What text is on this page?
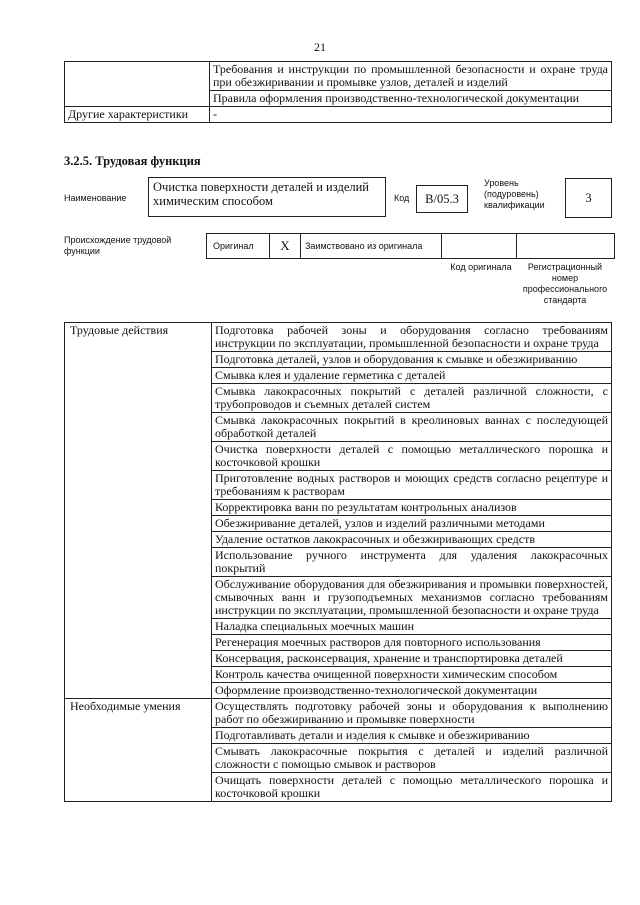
21
	Требования и инструкции по промышленной безопасности и охране труда при обезжиривании и промывке узлов, деталей и изделий
	Правила оформления производственно-технологической документации
Другие характеристики	-
3.2.5. Трудовая функция
Наименование
Очистка поверхности деталей и изделий химическим способом	Код	B/05.3
Уровень (подуровень) квалификации	3
Происхождение трудовой функции	Оригинал	X	Заимствовано из оригинала
Код оригинала	Регистрационный номер профессионального стандарта
Трудовые действия	Подготовка рабочей зоны и оборудования согласно требованиям инструкции по эксплуатации, промышленной безопасности и охране труда
	Подготовка деталей, узлов и оборудования к смывке и обезжириванию
	Смывка клея и удаление герметика с деталей
	Смывка лакокрасочных покрытий с деталей различной сложности, с трубопроводов и съемных деталей систем
	Смывка лакокрасочных покрытий в креолиновых ваннах с последующей обработкой деталей
	Очистка поверхности деталей с помощью металлического порошка и косточковой крошки
	Приготовление водных растворов и моющих средств согласно рецептуре и требованиям к растворам
	Корректировка ванн по результатам контрольных анализов
	Обезжиривание деталей, узлов и изделий различными методами
	Удаление остатков лакокрасочных и обезжиривающих средств
	Использование ручного инструмента для удаления лакокрасочных покрытий
	Обслуживание оборудования для обезжиривания и промывки поверхностей, смывочных ванн и грузоподъемных механизмов согласно требованиям инструкции по эксплуатации, промышленной безопасности и охране труда
	Наладка специальных моечных машин
	Регенерация моечных растворов для повторного использования
	Консервация, расконсервация, хранение и транспортировка деталей
	Контроль качества очищенной поверхности химическим способом
	Оформление производственно-технологической документации
Необходимые умения	Осуществлять подготовку рабочей зоны и оборудования к выполнению работ по обезжириванию и промывке поверхности
	Подготавливать детали и изделия к смывке и обезжириванию
	Смывать лакокрасочные покрытия с деталей и изделий различной сложности с помощью смывок и растворов
	Очищать поверхности деталей с помощью металлического порошка и косточковой крошки
